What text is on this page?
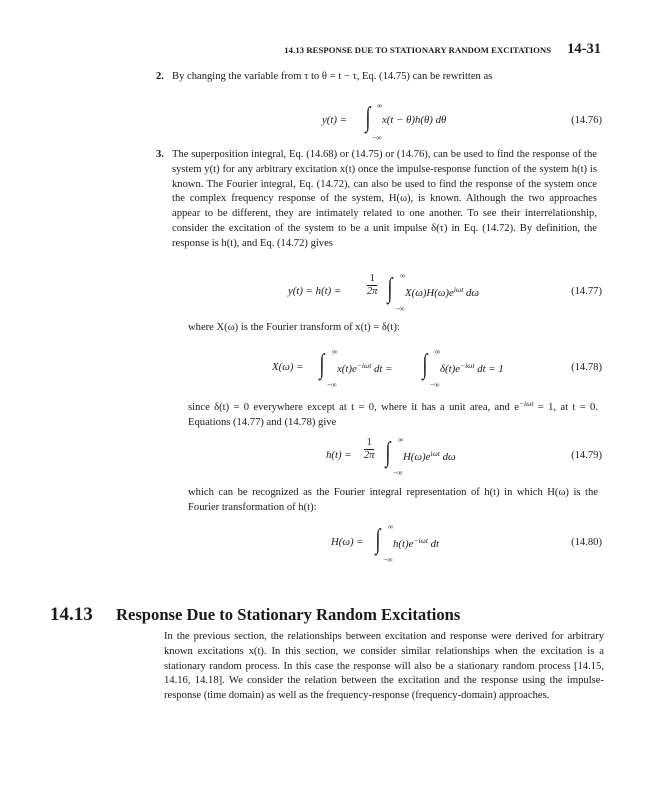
14.13 RESPONSE DUE TO STATIONARY RANDOM EXCITATIONS 14-31
2. By changing the variable from τ to θ = t − τ, Eq. (14.75) can be rewritten as
y(t) = ∫ ∞
−∞
x(t − θ)h(θ) dθ	(14.76)
3. The superposition integral, Eq. (14.68) or (14.75) or (14.76), can be used to find the response of the system y(t) for any arbitrary excitation x(t) once the impulse-response function of the system h(t) is known. The Fourier integral, Eq. (14.72), can also be used to find the response of the system once the complex frequency response of the system, H(ω), is known. Although the two approaches appear to be different, they are intimately related to one another. To see their interrelationship, consider the excitation of the system to be a unit impulse δ(τ) in Eq. (14.72). By definition, the response is h(t), and Eq. (14.72) gives
$y(t) = h(t) = \frac{1}{2\pi}$ ∫ ∞
−∞
$X(\omega)H(\omega)e^{i\omega t}$ dω	(14.77)
where X(ω) is the Fourier transform of x(t) = δ(t):
X(ω) = ∫ ∞
−∞
$x(t)e^{-i\omega t}$ dt = ∫ ∞
−∞
$\delta(t)e^{-i\omega t}$ dt = 1	(14.78)
since δ(t) = 0 everywhere except at t = 0, where it has a unit area, and $e^{-i\omega t} = 1$, at t = 0. Equations (14.77) and (14.78) give
$h(t) = \frac{1}{2\pi}$ ∫ ∞
−∞
$H(\omega)e^{i\omega t}$ dω	(14.79)
which can be recognized as the Fourier integral representation of h(t) in which H(ω) is the Fourier transformation of h(t):
H(ω) = ∫ ∞
−∞
$h(t)e^{-i\omega t}$ dt	(14.80)
14.13	Response Due to Stationary Random Excitations
In the previous section, the relationships between excitation and response were derived for arbitrary known excitations x(t). In this section, we consider similar relationships when the excitation is a stationary random process. In this case the response will also be a stationary random process [14.15, 14.16, 14.18]. We consider the relation between the excitation and the response using the impulse-response (time domain) as well as the frequency-response (frequency-domain) approaches.
